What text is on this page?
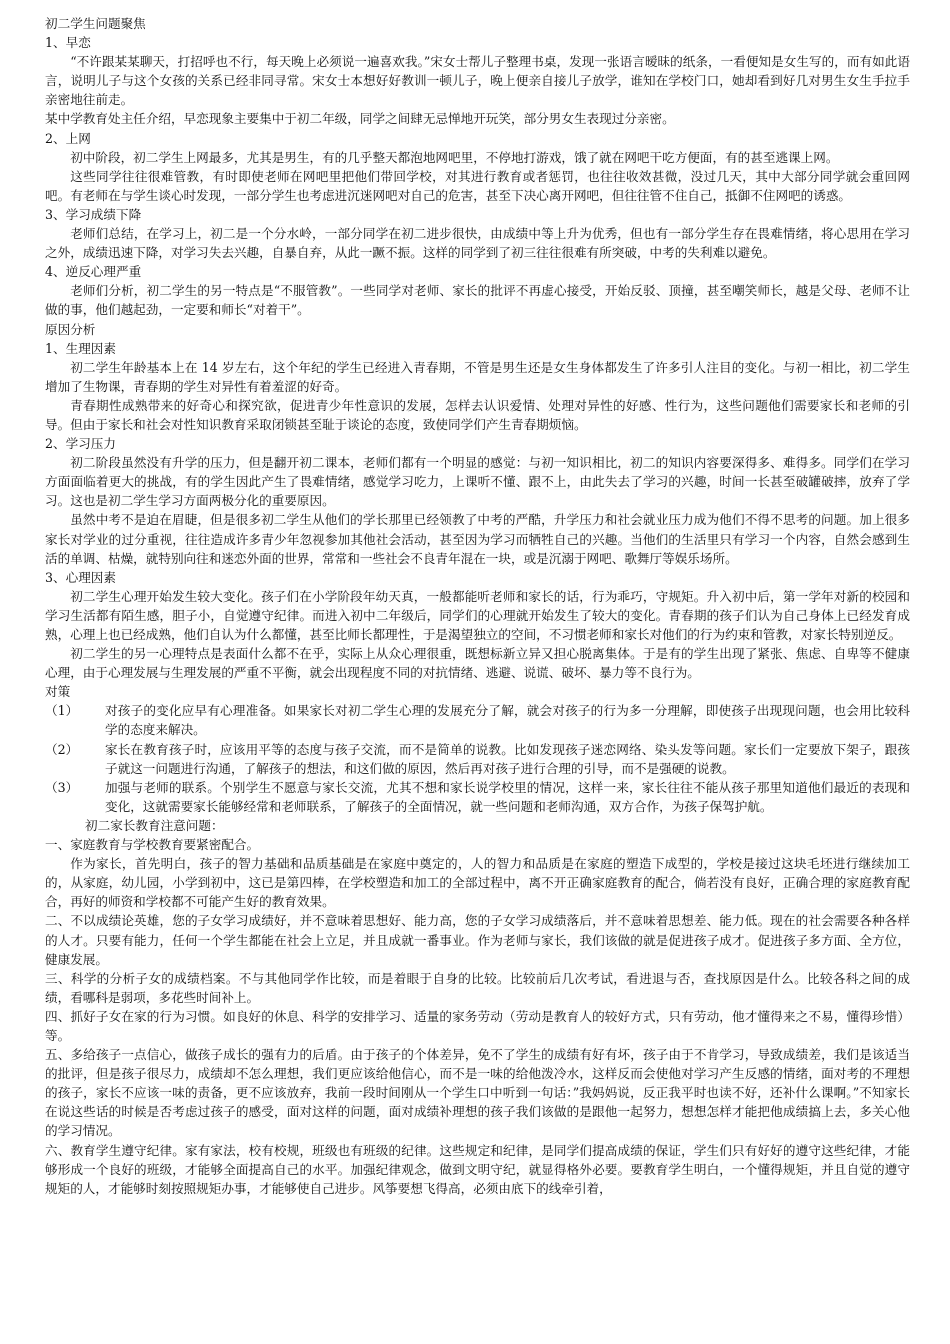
初二学生问题聚焦

1、早恋

“不许跟某某聊天，打招呼也不行，每天晚上必须说一遍喜欢我。”宋女士帮儿子整理书桌，发现一张语言暧昧的纸条，一看便知是女生写的，而有如此语言，说明儿子与这个女孩的关系已经非同寻常。宋女士本想好好教训一顿儿子，晚上便亲自接儿子放学，谁知在学校门口，她却看到好几对男生女生手拉手亲密地往前走。

某中学教育处主任介绍，早恋现象主要集中于初二年级，同学之间肆无忌惮地开玩笑，部分男女生表现过分亲密。

2、上网

初中阶段，初二学生上网最多，尤其是男生，有的几乎整天都泡地网吧里，不停地打游戏，饿了就在网吧干吃方便面，有的甚至逃课上网。

这些同学往往很难管教，有时即使老师在网吧里把他们带回学校，对其进行教育或者惩罚，也往往收效甚微，没过几天，其中大部分同学就会重回网吧。有老师在与学生谈心时发现，一部分学生也考虑进沉迷网吧对自己的危害，甚至下决心离开网吧，但往往管不住自己，抵御不住网吧的诱惑。

3、学习成绩下降

老师们总结，在学习上，初二是一个分水岭，一部分同学在初二进步很快，由成绩中等上升为优秀，但也有一部分学生存在畏难情绪，将心思用在学习之外，成绩迅速下降，对学习失去兴趣，自暴自弃，从此一蹶不振。这样的同学到了初三往往很难有所突破，中考的失利难以避免。

4、逆反心理严重

老师们分析，初二学生的另一特点是“不服管教”。一些同学对老师、家长的批评不再虚心接受，开始反驳、顶撞，甚至嘲笑师长，越是父母、老师不让做的事，他们越起劲，一定要和师长“对着干”。

原因分析

1、生理因素

初二学生年龄基本上在 14 岁左右，这个年纪的学生已经进入青春期，不管是男生还是女生身体都发生了许多引人注目的变化。与初一相比，初二学生增加了生物课，青春期的学生对异性有着羞涩的好奇。

青春期性成熟带来的好奇心和探究欲，促进青少年性意识的发展，怎样去认识爱情、处理对异性的好感、性行为，这些问题他们需要家长和老师的引导。但由于家长和社会对性知识教育采取闭锁甚至耻于谈论的态度，致使同学们产生青春期烦恼。

2、学习压力

初二阶段虽然没有升学的压力，但是翻开初二课本，老师们都有一个明显的感觉：与初一知识相比，初二的知识内容要深得多、难得多。同学们在学习方面面临着更大的挑战，有的学生因此产生了畏难情绪，感觉学习吃力，上课听不懂、跟不上，由此失去了学习的兴趣，时间一长甚至破罐破摔，放弃了学习。这也是初二学生学习方面两极分化的重要原因。

虽然中考不是迫在眉睫，但是很多初二学生从他们的学长那里已经领教了中考的严酷，升学压力和社会就业压力成为他们不得不思考的问题。加上很多家长对学业的过分重视，往往造成许多青少年忽视参加其他社会活动，甚至因为学习而牺牲自己的兴趣。当他们的生活里只有学习一个内容，自然会感到生活的单调、枯燥，就特别向往和迷恋外面的世界，常常和一些社会不良青年混在一块，或是沉溺于网吧、歌舞厅等娱乐场所。

3、心理因素

初二学生心理开始发生较大变化。孩子们在小学阶段年幼天真，一般都能听老师和家长的话，行为乖巧，守规矩。升入初中后，第一学年对新的校园和学习生活都有陌生感，胆子小，自觉遵守纪律。而进入初中二年级后，同学们的心理就开始发生了较大的变化。青春期的孩子们认为自己身体上已经发育成熟，心理上也已经成熟，他们自认为什么都懂，甚至比师长都理性，于是渴望独立的空间，不习惯老师和家长对他们的行为约束和管教，对家长特别逆反。

初二学生的另一心理特点是表面什么都不在乎，实际上从众心理很重，既想标新立异又担心脱离集体。于是有的学生出现了紧张、焦虑、自卑等不健康心理，由于心理发展与生理发展的严重不平衡，就会出现程度不同的对抗情绪、逃避、说谎、破坏、暴力等不良行为。

对策

（1）	对孩子的变化应早有心理准备。如果家长对初二学生心理的发展充分了解，就会对孩子的行为多一分理解，即使孩子出现现问题，也会用比较科学的态度来解决。
（2）	家长在教育孩子时，应该用平等的态度与孩子交流，而不是简单的说教。比如发现孩子迷恋网络、染头发等问题。家长们一定要放下架子，跟孩子就这一问题进行沟通，了解孩子的想法，和这们做的原因，然后再对孩子进行合理的引导，而不是强硬的说教。
（3）	加强与老师的联系。个别学生不愿意与家长交流，尤其不想和家长说学校里的情况，这样一来，家长往往不能从孩子那里知道他们最近的表现和变化，这就需要家长能够经常和老师联系，了解孩子的全面情况，就一些问题和老师沟通，双方合作，为孩子保驾护航。

初二家长教育注意问题：

一、家庭教育与学校教育要紧密配合。

作为家长，首先明白，孩子的智力基础和品质基础是在家庭中奠定的，人的智力和品质是在家庭的塑造下成型的，学校是接过这块毛坯进行继续加工的，从家庭，幼儿园，小学到初中，这已是第四棒，在学校塑造和加工的全部过程中，离不开正确家庭教育的配合，倘若没有良好，正确合理的家庭教育配合，再好的师资和学校都不可能产生好的教育效果。

二、不以成绩论英雄，您的子女学习成绩好，并不意味着思想好、能力高，您的子女学习成绩落后，并不意味着思想差、能力低。现在的社会需要各种各样的人才。只要有能力，任何一个学生都能在社会上立足，并且成就一番事业。作为老师与家长，我们该做的就是促进孩子成才。促进孩子多方面、全方位，健康发展。

三、科学的分析子女的成绩档案。不与其他同学作比较，而是着眼于自身的比较。比较前后几次考试，看进退与否，查找原因是什么。比较各科之间的成绩，看哪科是弱项，多花些时间补上。

四、抓好子女在家的行为习惯。如良好的休息、科学的安排学习、适量的家务劳动（劳动是教育人的较好方式，只有劳动，他才懂得来之不易，懂得珍惜）等。

五、多给孩子一点信心，做孩子成长的强有力的后盾。由于孩子的个体差异，免不了学生的成绩有好有坏，孩子由于不肯学习，导致成绩差，我们是该适当的批评，但是孩子很尽力，成绩却不怎么理想，我们更应该给他信心，而不是一味的给他泼冷水，这样反而会使他对学习产生反感的情绪，面对考的不理想的孩子，家长不应该一味的责备，更不应该放弃，我前一段时间刚从一个学生口中听到一句话：”我妈妈说，反正我平时也读不好，还补什么课啊。”不知家长在说这些话的时候是否考虑过孩子的感受，面对这样的问题，面对成绩补理想的孩子我们该做的是跟他一起努力，想想怎样才能把他成绩搞上去，多关心他的学习情况。

六、教育学生遵守纪律。家有家法，校有校规，班级也有班级的纪律。这些规定和纪律，是同学们提高成绩的保证，学生们只有好好的遵守这些纪律，才能够形成一个良好的班级，才能够全面提高自己的水平。加强纪律观念，做到文明守纪，就显得格外必要。要教育学生明白，一个懂得规矩，并且自觉的遵守规矩的人，才能够时刻按照规矩办事，才能够使自己进步。风筝要想飞得高，必须由底下的线牵引着，
